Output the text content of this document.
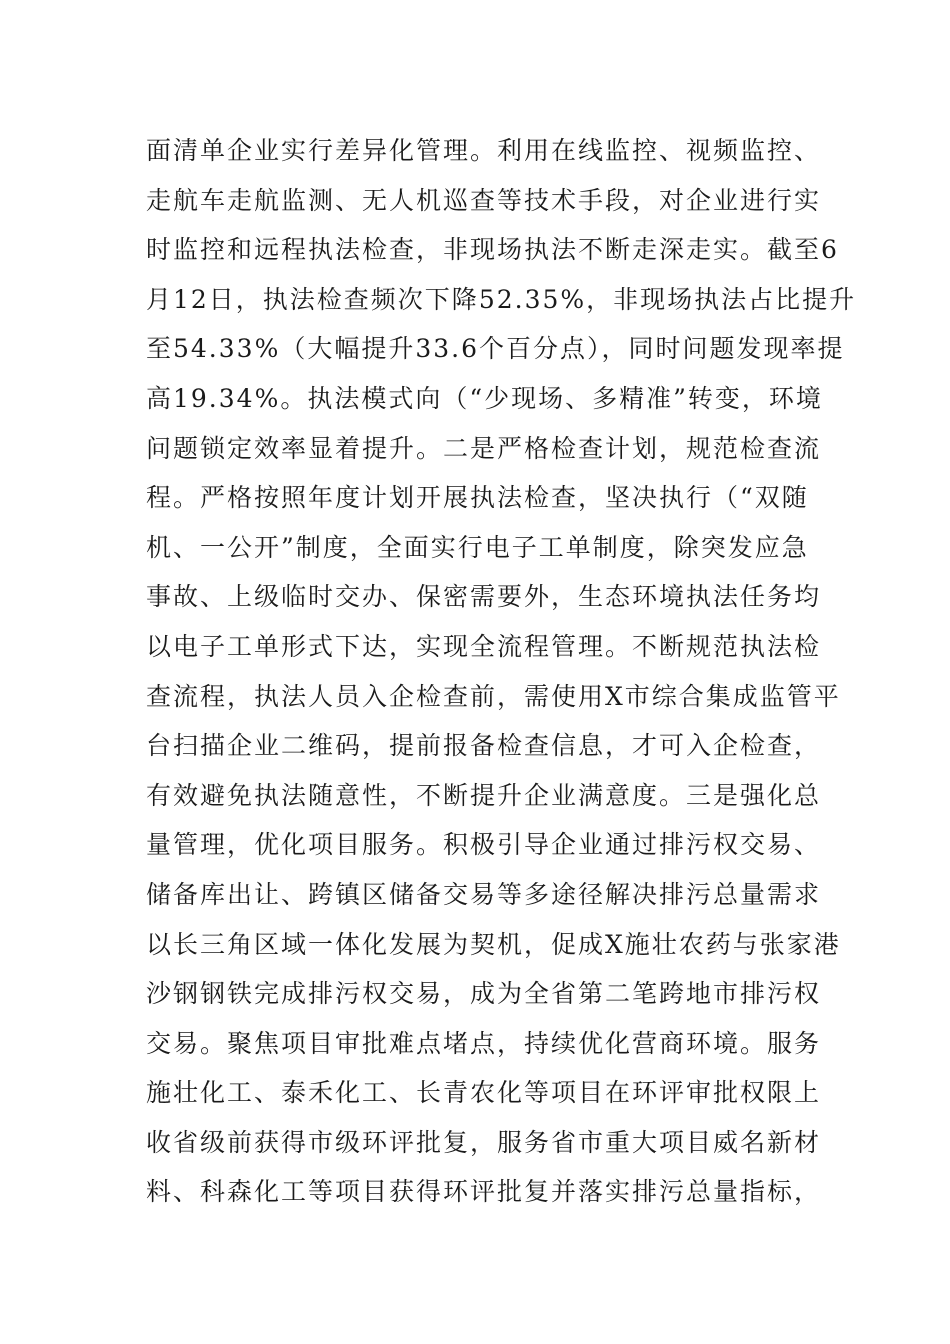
面清单企业实行差异化管理。利用在线监控、视频监控、
走航车走航监测、无人机巡查等技术手段，对企业进行实
时监控和远程执法检查，非现场执法不断走深走实。截至6
月12日，执法检查频次下降52.35%，非现场执法占比提升
至54.33%（大幅提升33.6个百分点），同时问题发现率提
高19.34%。执法模式向（“少现场、多精准”转变，环境
问题锁定效率显着提升。二是严格检查计划，规范检查流
程。严格按照年度计划开展执法检查，坚决执行（“双随
机、一公开”制度，全面实行电子工单制度，除突发应急
事故、上级临时交办、保密需要外，生态环境执法任务均
以电子工单形式下达，实现全流程管理。不断规范执法检
查流程，执法人员入企检查前，需使用X市综合集成监管平
台扫描企业二维码，提前报备检查信息，才可入企检查，
有效避免执法随意性，不断提升企业满意度。三是强化总
量管理，优化项目服务。积极引导企业通过排污权交易、
储备库出让、跨镇区储备交易等多途径解决排污总量需求
以长三角区域一体化发展为契机，促成X施壮农药与张家港
沙钢钢铁完成排污权交易，成为全省第二笔跨地市排污权
交易。聚焦项目审批难点堵点，持续优化营商环境。服务
施壮化工、泰禾化工、长青农化等项目在环评审批权限上
收省级前获得市级环评批复，服务省市重大项目威名新材
料、科森化工等项目获得环评批复并落实排污总量指标，
